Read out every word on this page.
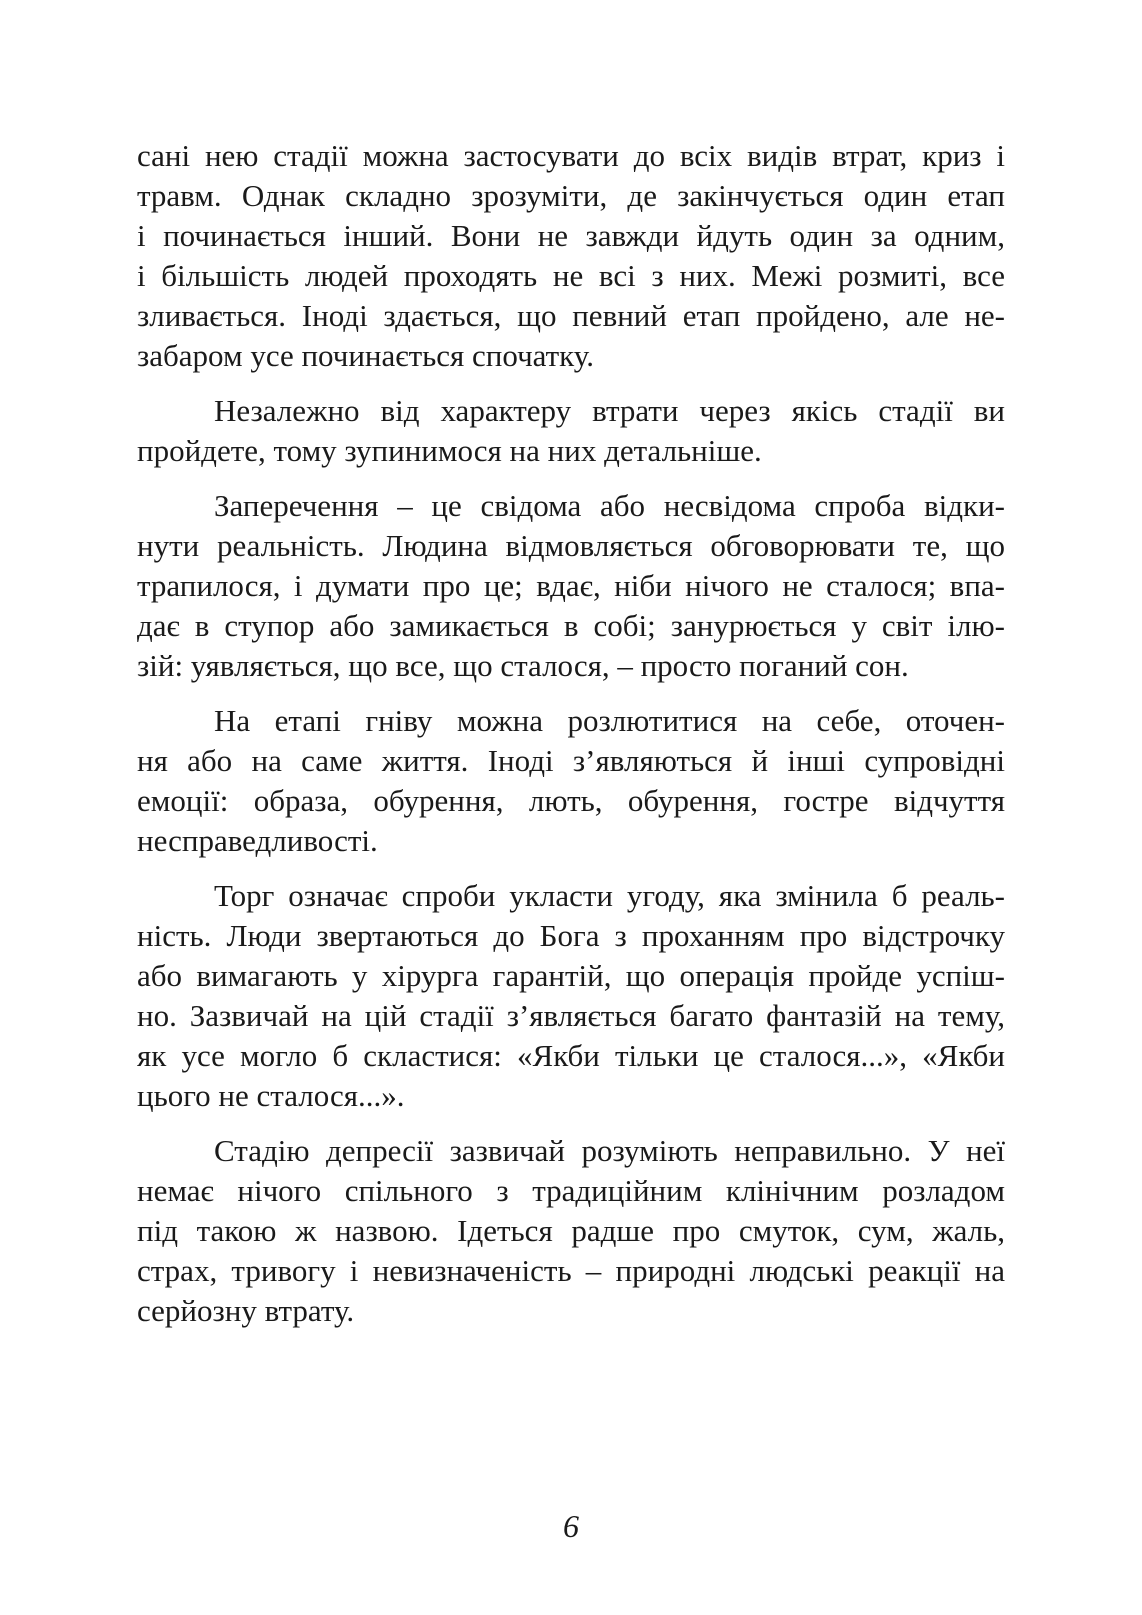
сані нею стадії можна застосувати до всіх видів втрат, криз і
травм. Однак складно зрозуміти, де закінчується один етап
і починається інший. Вони не завжди йдуть один за одним,
і більшість людей проходять не всі з них. Межі розмиті, все
зливається. Іноді здається, що певний етап пройдено, але не-
забаром усе починається спочатку.

Незалежно від характеру втрати через якісь стадії ви
пройдете, тому зупинимося на них детальніше.

Заперечення – це свідома або несвідома спроба відки-
нути реальність. Людина відмовляється обговорювати те, що
трапилося, і думати про це; вдає, ніби нічого не сталося; впа-
дає в ступор або замикається в собі; занурюється у світ ілю-
зій: уявляється, що все, що сталося, – просто поганий сон.

На етапі гніву можна розлютитися на себе, оточен-
ня або на саме життя. Іноді з’являються й інші супровідні
емоції: образа, обурення, лють, обурення, гостре відчуття
несправедливості.

Торг означає спроби укласти угоду, яка змінила б реаль-
ність. Люди звертаються до Бога з проханням про відстрочку
або вимагають у хірурга гарантій, що операція пройде успіш-
но. Зазвичай на цій стадії з’являється багато фантазій на тему,
як усе могло б скластися: «Якби тільки це сталося...», «Якби
цього не сталося...».

Стадію депресії зазвичай розуміють неправильно. У неї
немає нічого спільного з традиційним клінічним розладом
під такою ж назвою. Ідеться радше про смуток, сум, жаль,
страх, тривогу і невизначеність – природні людські реакції на
серйозну втрату.

6
